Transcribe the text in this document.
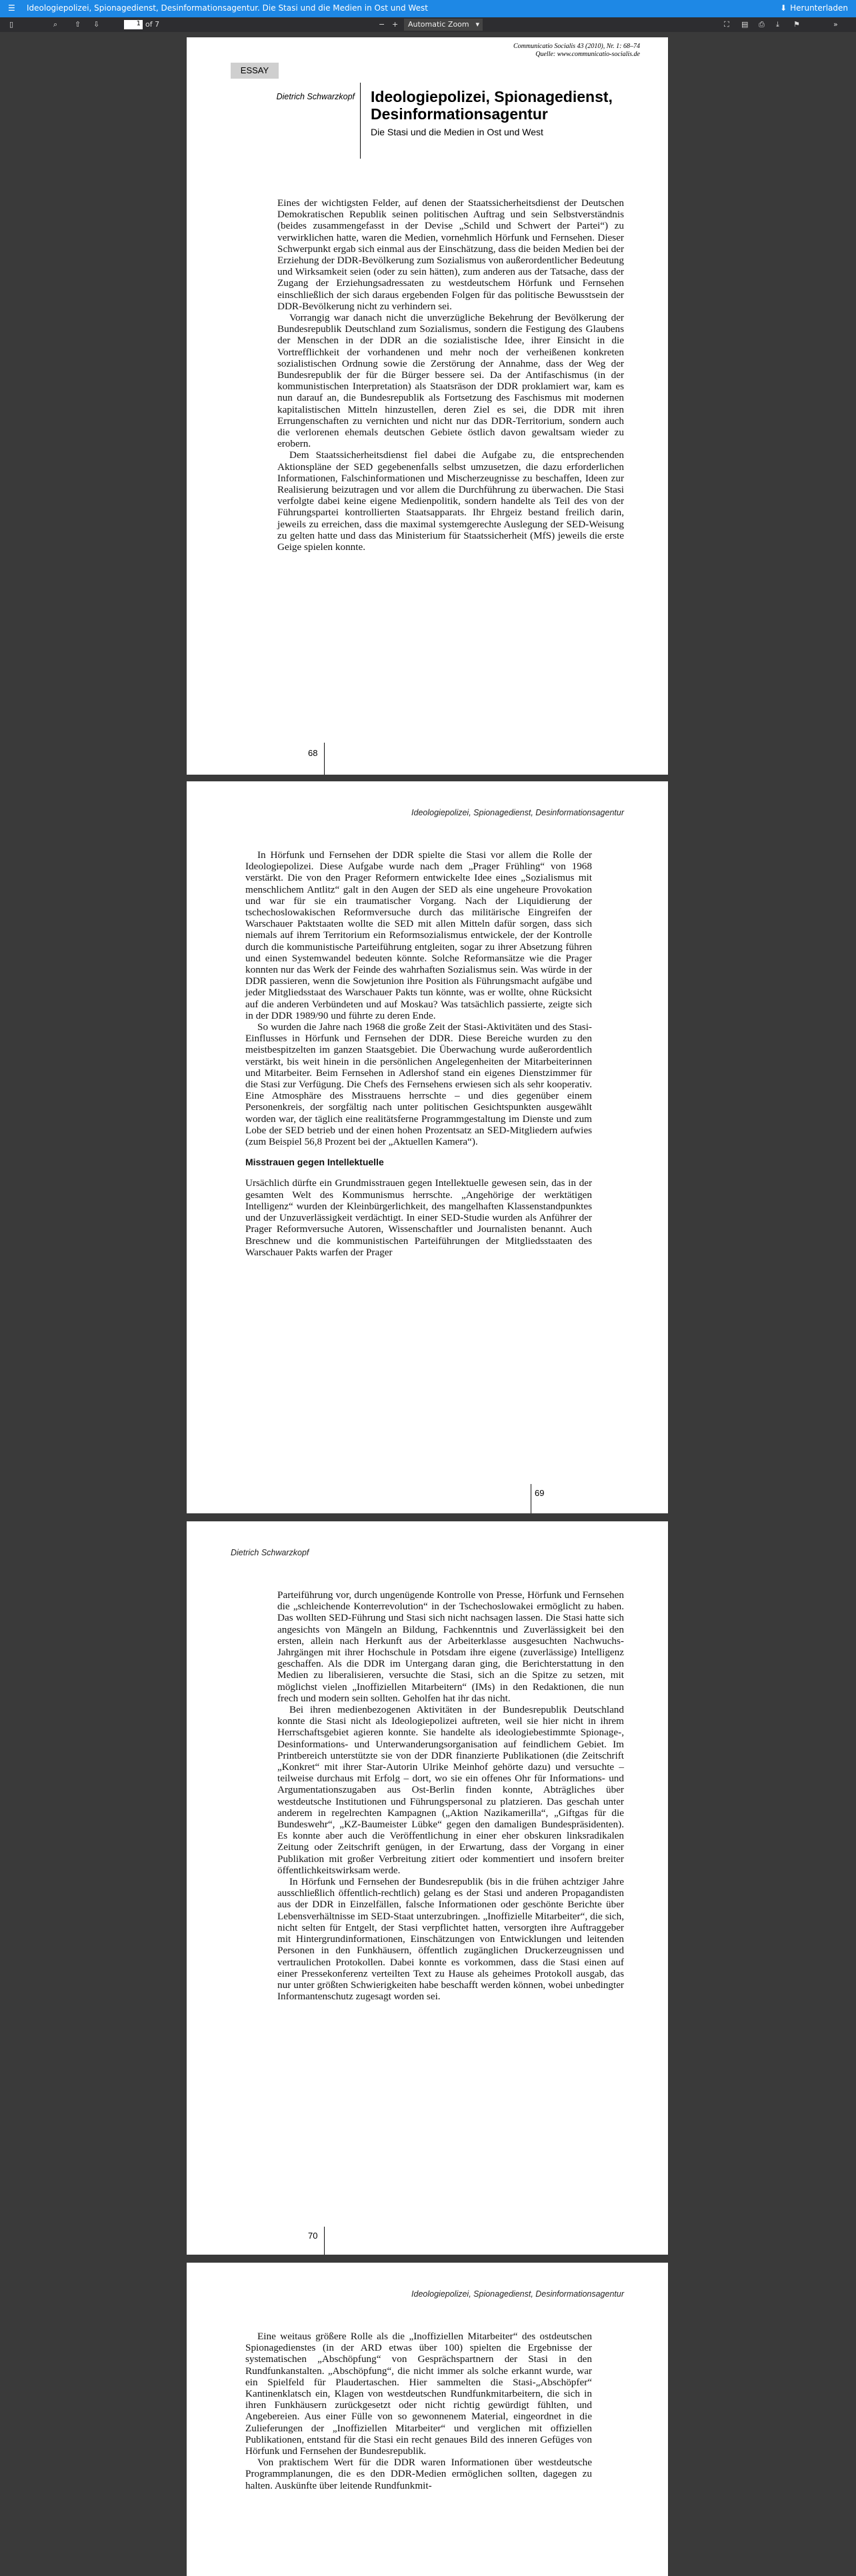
☰ Ideologiepolizei, Spionagedienst, Desinformationsagentur. Die Stasi und die Medien in Ost und West	⬇ Herunterladen
▯	⌕ ⇧ ⇩	of 7	− +	⛶ ▤ ⎙ ⤓ ⚑	»
1	Automatic Zoom ▾
Communicatio Socialis 43 (2010), Nr. 1: 68–74
Quelle: www.communicatio-socialis.de
ESSAY
Dietrich Schwarzkopf Ideologiepolizei, Spionagedienst,
Desinformationsagentur
Die Stasi und die Medien in Ost und West

Eines der wichtigsten Felder, auf denen der Staatssicherheitsdienst der Deutschen Demokratischen Republik seinen politischen Auftrag und sein Selbstverständnis (beides zusammengefasst in der Devise „Schild und Schwert der Partei“) zu verwirklichen hatte, waren die Medien, vornehmlich Hörfunk und Fernsehen. Dieser Schwerpunkt ergab sich einmal aus der Einschätzung, dass die beiden Medien bei der Erziehung der DDR-Bevölkerung zum Sozialismus von außerordentlicher Bedeutung und Wirksamkeit seien (oder zu sein hätten), zum anderen aus der Tatsache, dass der Zugang der Erziehungsadressaten zu westdeutschem Hörfunk und Fernsehen einschließlich der sich daraus ergebenden Folgen für das politische Bewusstsein der DDR-Bevölkerung nicht zu verhindern sei.

Vorrangig war danach nicht die unverzügliche Bekehrung der Bevölkerung der Bundesrepublik Deutschland zum Sozialismus, sondern die Festigung des Glaubens der Menschen in der DDR an die sozialistische Idee, ihrer Einsicht in die Vortrefflichkeit der vorhandenen und mehr noch der verheißenen konkreten sozialistischen Ordnung sowie die Zerstörung der Annahme, dass der Weg der Bundesrepublik der für die Bürger bessere sei. Da der Antifaschismus (in der kommunistischen Interpretation) als Staatsräson der DDR proklamiert war, kam es nun darauf an, die Bundesrepublik als Fortsetzung des Faschismus mit modernen kapitalistischen Mitteln hinzustellen, deren Ziel es sei, die DDR mit ihren Errungenschaften zu vernichten und nicht nur das DDR-Territorium, sondern auch die verlorenen ehemals deutschen Gebiete östlich davon gewaltsam wieder zu erobern.

Dem Staatssicherheitsdienst fiel dabei die Aufgabe zu, die entsprechenden Aktionspläne der SED gegebenenfalls selbst umzusetzen, die dazu erforderlichen Informationen, Falschinformationen und Mischerzeugnisse zu beschaffen, Ideen zur Realisierung beizutragen und vor allem die Durchführung zu überwachen. Die Stasi verfolgte dabei keine eigene Medienpolitik, sondern handelte als Teil des von der Führungspartei kontrollierten Staatsapparats. Ihr Ehrgeiz bestand freilich darin, jeweils zu erreichen, dass die maximal systemgerechte Auslegung der SED-Weisung zu gelten hatte und dass das Ministerium für Staatssicherheit (MfS) jeweils die erste Geige spielen konnte.

68
Ideologiepolizei, Spionagedienst, Desinformationsagentur

In Hörfunk und Fernsehen der DDR spielte die Stasi vor allem die Rolle der Ideologiepolizei. Diese Aufgabe wurde nach dem „Prager Frühling“ von 1968 verstärkt. Die von den Prager Reformern entwickelte Idee eines „Sozialismus mit menschlichem Antlitz“ galt in den Augen der SED als eine ungeheure Provokation und war für sie ein traumatischer Vorgang. Nach der Liquidierung der tschechoslowakischen Reformversuche durch das militärische Eingreifen der Warschauer Paktstaaten wollte die SED mit allen Mitteln dafür sorgen, dass sich niemals auf ihrem Territorium ein Reformsozialismus entwickele, der der Kontrolle durch die kommunistische Parteiführung entgleiten, sogar zu ihrer Absetzung führen und einen Systemwandel bedeuten könnte. Solche Reformansätze wie die Prager konnten nur das Werk der Feinde des wahrhaften Sozialismus sein. Was würde in der DDR passieren, wenn die Sowjetunion ihre Position als Führungsmacht aufgäbe und jeder Mitgliedsstaat des Warschauer Pakts tun könnte, was er wollte, ohne Rücksicht auf die anderen Verbündeten und auf Moskau? Was tatsächlich passierte, zeigte sich in der DDR 1989/90 und führte zu deren Ende.

So wurden die Jahre nach 1968 die große Zeit der Stasi-Aktivitäten und des Stasi-Einflusses in Hörfunk und Fernsehen der DDR. Diese Bereiche wurden zu den meistbespitzelten im ganzen Staatsgebiet. Die Überwachung wurde außerordentlich verstärkt, bis weit hinein in die persönlichen Angelegenheiten der Mitarbeiterinnen und Mitarbeiter. Beim Fernsehen in Adlershof stand ein eigenes Dienstzimmer für die Stasi zur Verfügung. Die Chefs des Fernsehens erwiesen sich als sehr kooperativ. Eine Atmosphäre des Misstrauens herrschte – und dies gegenüber einem Personenkreis, der sorgfältig nach unter politischen Gesichtspunkten ausgewählt worden war, der täglich eine realitätsferne Programmgestaltung im Dienste und zum Lobe der SED betrieb und der einen hohen Prozentsatz an SED-Mitgliedern aufwies (zum Beispiel 56,8 Prozent bei der „Aktuellen Kamera“).

Misstrauen gegen Intellektuelle

Ursächlich dürfte ein Grundmisstrauen gegen Intellektuelle gewesen sein, das in der gesamten Welt des Kommunismus herrschte. „Angehörige der werktätigen Intelligenz“ wurden der Kleinbürgerlichkeit, des mangelhaften Klassenstandpunktes und der Unzuverlässigkeit verdächtigt. In einer SED-Studie wurden als Anführer der Prager Reformversuche Autoren, Wissenschaftler und Journalisten benannt. Auch Breschnew und die kommunistischen Parteiführungen der Mitgliedsstaaten des Warschauer Pakts warfen der Prager

69
Dietrich Schwarzkopf

Parteiführung vor, durch ungenügende Kontrolle von Presse, Hörfunk und Fernsehen die „schleichende Konterrevolution“ in der Tschechoslowakei ermöglicht zu haben. Das wollten SED-Führung und Stasi sich nicht nachsagen lassen. Die Stasi hatte sich angesichts von Mängeln an Bildung, Fachkenntnis und Zuverlässigkeit bei den ersten, allein nach Herkunft aus der Arbeiterklasse ausgesuchten Nachwuchs-Jahrgängen mit ihrer Hochschule in Potsdam ihre eigene (zuverlässige) Intelligenz geschaffen. Als die DDR im Untergang daran ging, die Berichterstattung in den Medien zu liberalisieren, versuchte die Stasi, sich an die Spitze zu setzen, mit möglichst vielen „Inoffiziellen Mitarbeitern“ (IMs) in den Redaktionen, die nun frech und modern sein sollten. Geholfen hat ihr das nicht.

Bei ihren medienbezogenen Aktivitäten in der Bundesrepublik Deutschland konnte die Stasi nicht als Ideologiepolizei auftreten, weil sie hier nicht in ihrem Herrschaftsgebiet agieren konnte. Sie handelte als ideologiebestimmte Spionage-, Desinformations- und Unterwanderungsorganisation auf feindlichem Gebiet. Im Printbereich unterstützte sie von der DDR finanzierte Publikationen (die Zeitschrift „Konkret“ mit ihrer Star-Autorin Ulrike Meinhof gehörte dazu) und versuchte – teilweise durchaus mit Erfolg – dort, wo sie ein offenes Ohr für Informations- und Argumentationszugaben aus Ost-Berlin finden konnte, Abträgliches über westdeutsche Institutionen und Führungspersonal zu platzieren. Das geschah unter anderem in regelrechten Kampagnen („Aktion Nazikamerilla“, „Giftgas für die Bundeswehr“, „KZ-Baumeister Lübke“ gegen den damaligen Bundespräsidenten). Es konnte aber auch die Veröffentlichung in einer eher obskuren linksradikalen Zeitung oder Zeitschrift genügen, in der Erwartung, dass der Vorgang in einer Publikation mit großer Verbreitung zitiert oder kommentiert und insofern breiter öffentlichkeitswirksam werde.

In Hörfunk und Fernsehen der Bundesrepublik (bis in die frühen achtziger Jahre ausschließlich öffentlich-rechtlich) gelang es der Stasi und anderen Propagandisten aus der DDR in Einzelfällen, falsche Informationen oder geschönte Berichte über Lebensverhältnisse im SED-Staat unterzubringen. „Inoffizielle Mitarbeiter“, die sich, nicht selten für Entgelt, der Stasi verpflichtet hatten, versorgten ihre Auftraggeber mit Hintergrundinformationen, Einschätzungen von Entwicklungen und leitenden Personen in den Funkhäusern, öffentlich zugänglichen Druckerzeugnissen und vertraulichen Protokollen. Dabei konnte es vorkommen, dass die Stasi einen auf einer Pressekonferenz verteilten Text zu Hause als geheimes Protokoll ausgab, das nur unter größten Schwierigkeiten habe beschafft werden können, wobei unbedingter Informantenschutz zugesagt worden sei.

70
Ideologiepolizei, Spionagedienst, Desinformationsagentur

Eine weitaus größere Rolle als die „Inoffiziellen Mitarbeiter“ des ostdeutschen Spionagedienstes (in der ARD etwas über 100) spielten die Ergebnisse der systematischen „Abschöpfung“ von Gesprächspartnern der Stasi in den Rundfunkanstalten. „Abschöpfung“, die nicht immer als solche erkannt wurde, war ein Spielfeld für Plaudertaschen. Hier sammelten die Stasi-„Abschöpfer“ Kantinenklatsch ein, Klagen von westdeutschen Rundfunkmitarbeitern, die sich in ihren Funkhäusern zurückgesetzt oder nicht richtig gewürdigt fühlten, und Angebereien. Aus einer Fülle von so gewonnenem Material, eingeordnet in die Zulieferungen der „Inoffiziellen Mitarbeiter“ und verglichen mit offiziellen Publikationen, entstand für die Stasi ein recht genaues Bild des inneren Gefüges von Hörfunk und Fernsehen der Bundesrepublik.

Von praktischem Wert für die DDR waren Informationen über westdeutsche Programmplanungen, die es den DDR-Medien ermöglichen sollten, dagegen zu halten. Auskünfte über leitende Rundfunkmit-
